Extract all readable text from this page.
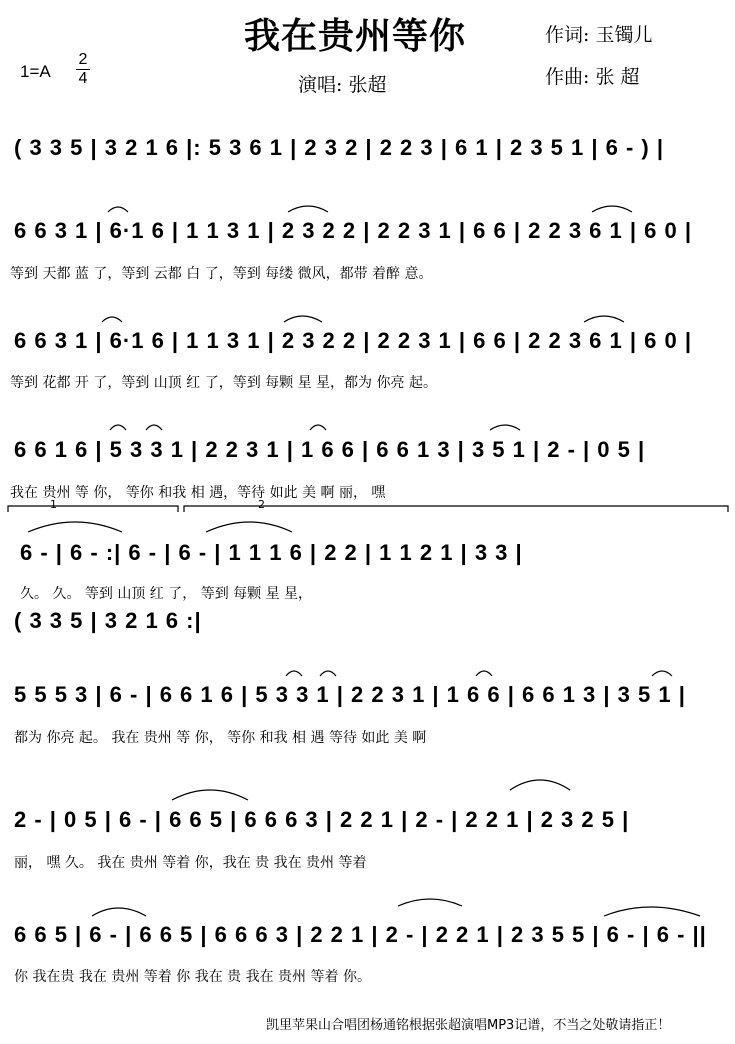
我在贵州等你
1=A
2
4	演唱: 张超
作词: 玉镯儿
作曲: 张 超
( 3 3 5 | 3 2 1 6 |: 5 3 6 1 | 2 3 2 | 2 2 3 | 6 1 | 2 3 5 1 | 6 - ) |
6 6 3 1 | 6·1 6 | 1 1 3 1 | 2 3 2 2 | 2 2 3 1 | 6 6 | 2 2 3 6 1 | 6 0 |
等到 天都 蓝 了，等到 云都 白 了，等到 每缕 微风，都带 着醉 意。
6 6 3 1 | 6·1 6 | 1 1 3 1 | 2 3 2 2 | 2 2 3 1 | 6 6 | 2 2 3 6 1 | 6 0 |
等到 花都 开 了，等到 山顶 红 了，等到 每颗 星 星，都为 你亮 起。
6 6 1 6 | 5 3 3 1 | 2 2 3 1 | 1 6 6 | 6 6 1 3 | 3 5 1 | 2 - | 0 5 |
我在 贵州 等 你， 等你 和我 相 遇，等待 如此 美 啊 丽， 嘿
1	2
6 - | 6 - :| 6 - | 6 - | 1 1 1 6 | 2 2 | 1 1 2 1 | 3 3 |
久。 久。 等到 山顶 红 了， 等到 每颗 星 星，
( 3 3 5 | 3 2 1 6 :|
5 5 5 3 | 6 - | 6 6 1 6 | 5 3 3 1 | 2 2 3 1 | 1 6 6 | 6 6 1 3 | 3 5 1 |
都为 你亮 起。 我在 贵州 等 你， 等你 和我 相 遇 等待 如此 美 啊
2 - | 0 5 | 6 - | 6 6 5 | 6 6 6 3 | 2 2 1 | 2 - | 2 2 1 | 2 3 2 5 |
丽， 嘿 久。 我在 贵州 等着 你，我在 贵 我在 贵州 等着
6 6 5 | 6 - | 6 6 5 | 6 6 6 3 | 2 2 1 | 2 - | 2 2 1 | 2 3 5 5 | 6 - | 6 - ||
你 我在贵 我在 贵州 等着 你 我在 贵 我在 贵州 等着 你。
凯里苹果山合唱团杨通铭根据张超演唱MP3记谱，不当之处敬请指正！
